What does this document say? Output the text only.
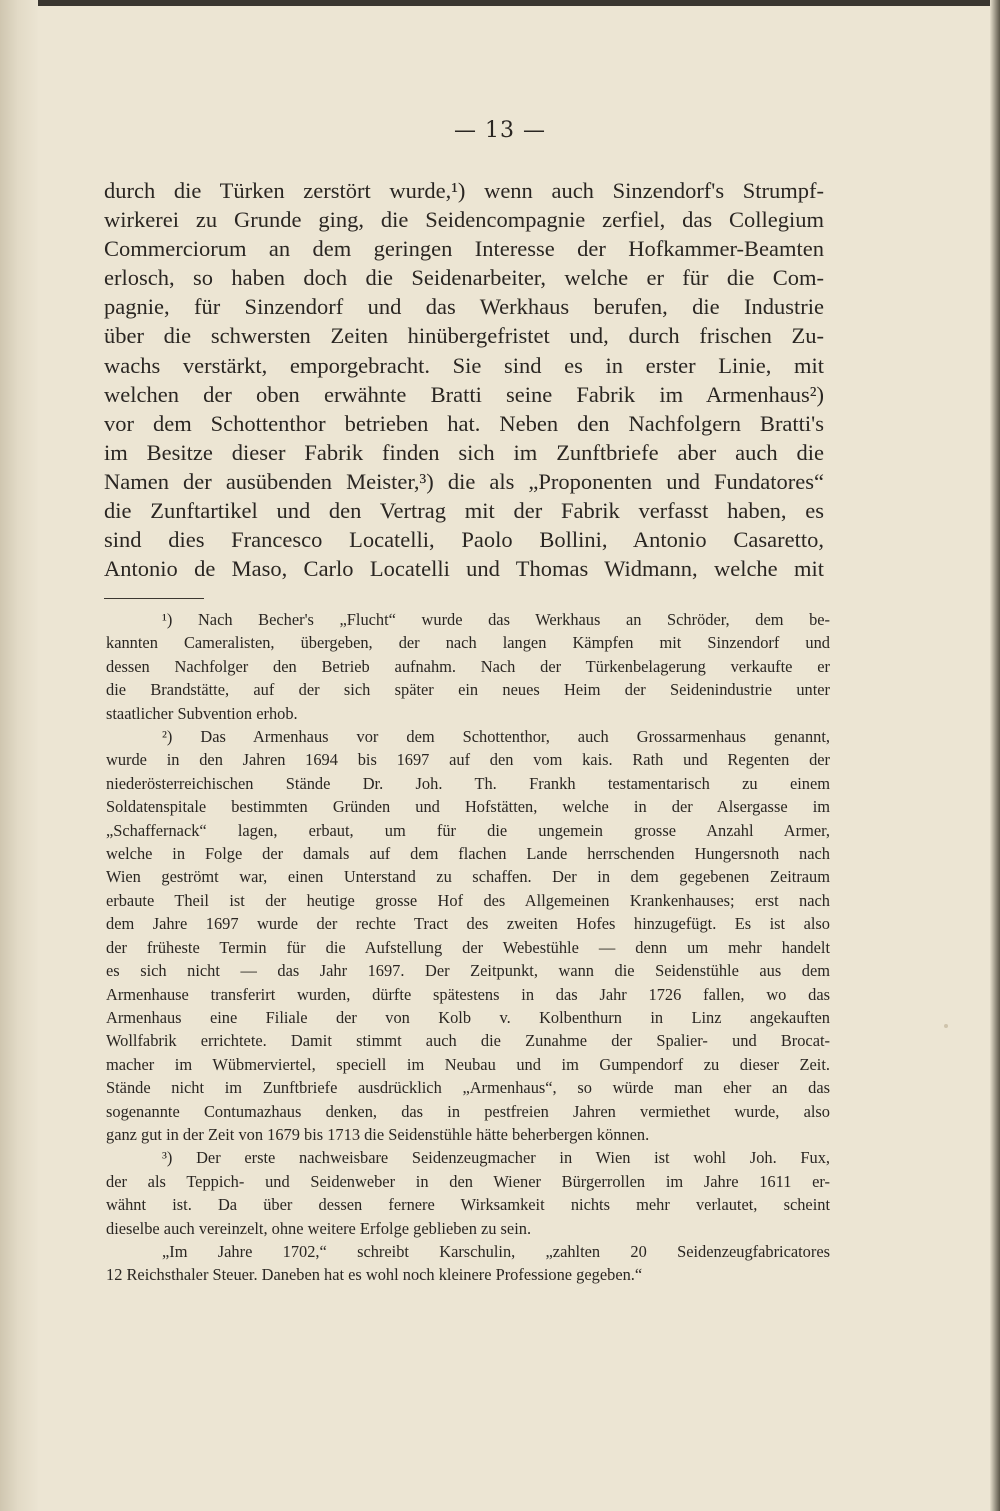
— 13 —
durch die Türken zerstört wurde,¹) wenn auch Sinzendorf's Strumpf-
wirkerei zu Grunde ging, die Seidencompagnie zerfiel, das Collegium
Commerciorum an dem geringen Interesse der Hofkammer-Beamten
erlosch, so haben doch die Seidenarbeiter, welche er für die Com-
pagnie, für Sinzendorf und das Werkhaus berufen, die Industrie
über die schwersten Zeiten hinübergefristet und, durch frischen Zu-
wachs verstärkt, emporgebracht. Sie sind es in erster Linie, mit
welchen der oben erwähnte Bratti seine Fabrik im Armenhaus²)
vor dem Schottenthor betrieben hat. Neben den Nachfolgern Bratti's
im Besitze dieser Fabrik finden sich im Zunftbriefe aber auch die
Namen der ausübenden Meister,³) die als „Proponenten und Fundatores“
die Zunftartikel und den Vertrag mit der Fabrik verfasst haben, es
sind dies Francesco Locatelli, Paolo Bollini, Antonio Casaretto,
Antonio de Maso, Carlo Locatelli und Thomas Widmann, welche mit
¹) Nach Becher's „Flucht“ wurde das Werkhaus an Schröder, dem be-
kannten Cameralisten, übergeben, der nach langen Kämpfen mit Sinzendorf und
dessen Nachfolger den Betrieb aufnahm. Nach der Türkenbelagerung verkaufte er
die Brandstätte, auf der sich später ein neues Heim der Seidenindustrie unter
staatlicher Subvention erhob.
²) Das Armenhaus vor dem Schottenthor, auch Grossarmenhaus genannt,
wurde in den Jahren 1694 bis 1697 auf den vom kais. Rath und Regenten der
niederösterreichischen Stände Dr. Joh. Th. Frankh testamentarisch zu einem
Soldatenspitale bestimmten Gründen und Hofstätten, welche in der Alsergasse im
„Schaffernack“ lagen, erbaut, um für die ungemein grosse Anzahl Armer,
welche in Folge der damals auf dem flachen Lande herrschenden Hungersnoth nach
Wien geströmt war, einen Unterstand zu schaffen. Der in dem gegebenen Zeitraum
erbaute Theil ist der heutige grosse Hof des Allgemeinen Krankenhauses; erst nach
dem Jahre 1697 wurde der rechte Tract des zweiten Hofes hinzugefügt. Es ist also
der früheste Termin für die Aufstellung der Webestühle — denn um mehr handelt
es sich nicht — das Jahr 1697. Der Zeitpunkt, wann die Seidenstühle aus dem
Armenhause transferirt wurden, dürfte spätestens in das Jahr 1726 fallen, wo das
Armenhaus eine Filiale der von Kolb v. Kolbenthurn in Linz angekauften
Wollfabrik errichtete. Damit stimmt auch die Zunahme der Spalier- und Brocat-
macher im Wübmerviertel, speciell im Neubau und im Gumpendorf zu dieser Zeit.
Stände nicht im Zunftbriefe ausdrücklich „Armenhaus“, so würde man eher an das
sogenannte Contumazhaus denken, das in pestfreien Jahren vermiethet wurde, also
ganz gut in der Zeit von 1679 bis 1713 die Seidenstühle hätte beherbergen können.
³) Der erste nachweisbare Seidenzeugmacher in Wien ist wohl Joh. Fux,
der als Teppich- und Seidenweber in den Wiener Bürgerrollen im Jahre 1611 er-
wähnt ist. Da über dessen fernere Wirksamkeit nichts mehr verlautet, scheint
dieselbe auch vereinzelt, ohne weitere Erfolge geblieben zu sein.
„Im Jahre 1702,“ schreibt Karschulin, „zahlten 20 Seidenzeugfabricatores
12 Reichsthaler Steuer. Daneben hat es wohl noch kleinere Professione gegeben.“
